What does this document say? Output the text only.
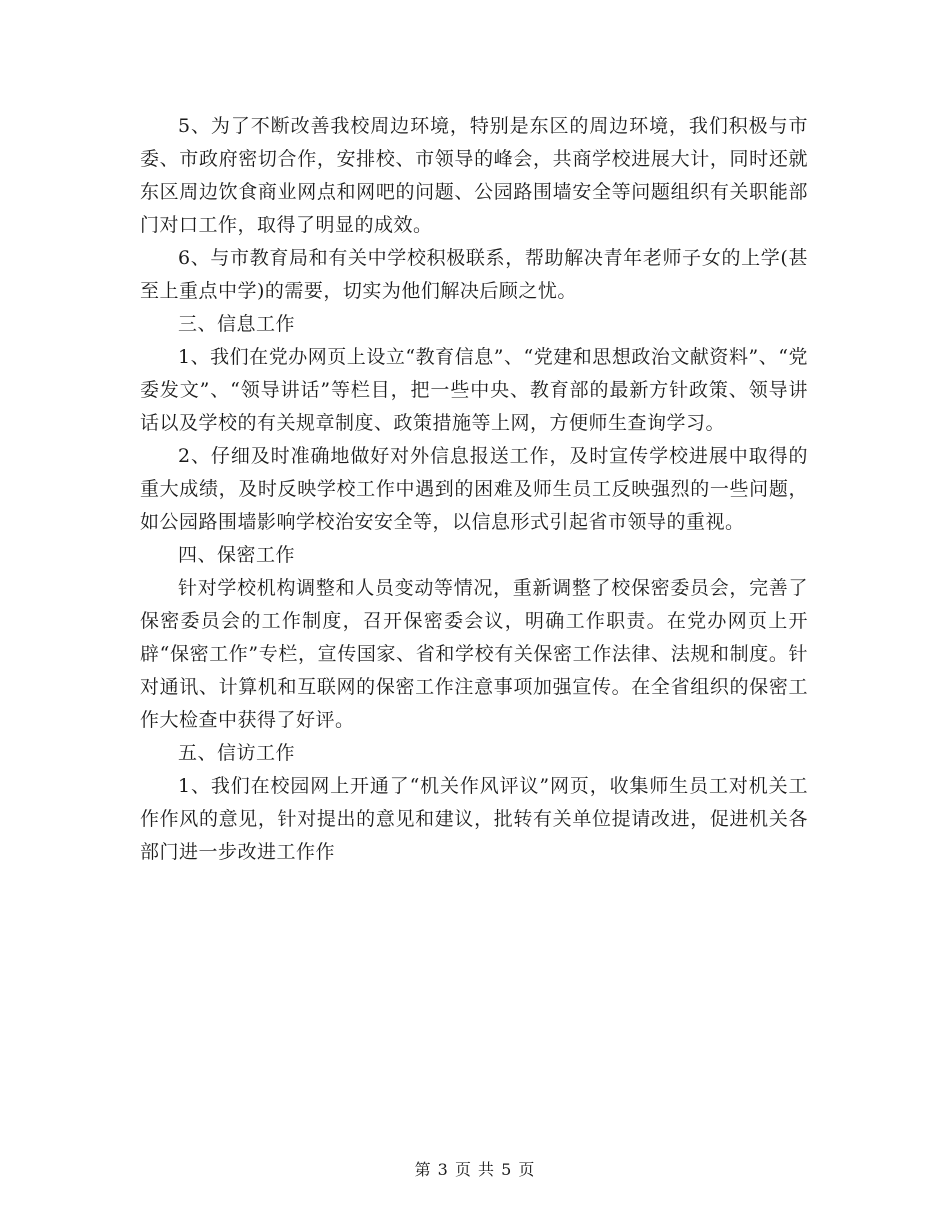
5、为了不断改善我校周边环境，特别是东区的周边环境，我们积极与市委、市政府密切合作，安排校、市领导的峰会，共商学校进展大计，同时还就东区周边饮食商业网点和网吧的问题、公园路围墙安全等问题组织有关职能部门对口工作，取得了明显的成效。

6、与市教育局和有关中学校积极联系，帮助解决青年老师子女的上学(甚至上重点中学)的需要，切实为他们解决后顾之忧。

三、信息工作

1、我们在党办网页上设立“教育信息”、“党建和思想政治文献资料”、“党委发文”、“领导讲话”等栏目，把一些中央、教育部的最新方针政策、领导讲话以及学校的有关规章制度、政策措施等上网，方便师生查询学习。

2、仔细及时准确地做好对外信息报送工作，及时宣传学校进展中取得的重大成绩，及时反映学校工作中遇到的困难及师生员工反映强烈的一些问题，如公园路围墙影响学校治安安全等，以信息形式引起省市领导的重视。

四、保密工作

针对学校机构调整和人员变动等情况，重新调整了校保密委员会，完善了保密委员会的工作制度，召开保密委会议，明确工作职责。在党办网页上开辟“保密工作”专栏，宣传国家、省和学校有关保密工作法律、法规和制度。针对通讯、计算机和互联网的保密工作注意事项加强宣传。在全省组织的保密工作大检查中获得了好评。

五、信访工作

1、我们在校园网上开通了“机关作风评议”网页，收集师生员工对机关工作作风的意见，针对提出的意见和建议，批转有关单位提请改进，促进机关各部门进一步改进工作作

第 3 页 共 5 页
